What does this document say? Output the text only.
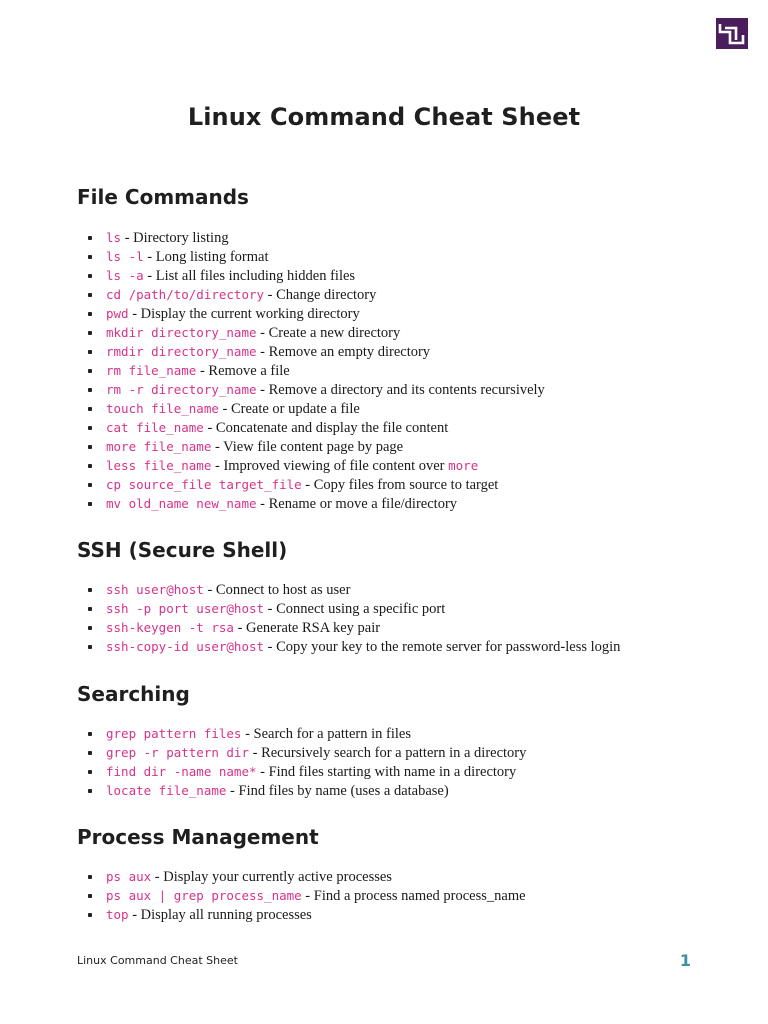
Linux Command Cheat Sheet
File Commands
ls - Directory listing
ls -l - Long listing format
ls -a - List all files including hidden files
cd /path/to/directory - Change directory
pwd - Display the current working directory
mkdir directory_name - Create a new directory
rmdir directory_name - Remove an empty directory
rm file_name - Remove a file
rm -r directory_name - Remove a directory and its contents recursively
touch file_name - Create or update a file
cat file_name - Concatenate and display the file content
more file_name - View file content page by page
less file_name - Improved viewing of file content over more
cp source_file target_file - Copy files from source to target
mv old_name new_name - Rename or move a file/directory
SSH (Secure Shell)
ssh user@host - Connect to host as user
ssh -p port user@host - Connect using a specific port
ssh-keygen -t rsa - Generate RSA key pair
ssh-copy-id user@host - Copy your key to the remote server for password-less login
Searching
grep pattern files - Search for a pattern in files
grep -r pattern dir - Recursively search for a pattern in a directory
find dir -name name* - Find files starting with name in a directory
locate file_name - Find files by name (uses a database)
Process Management
ps aux - Display your currently active processes
ps aux | grep process_name - Find a process named process_name
top - Display all running processes
Linux Command Cheat Sheet	1
